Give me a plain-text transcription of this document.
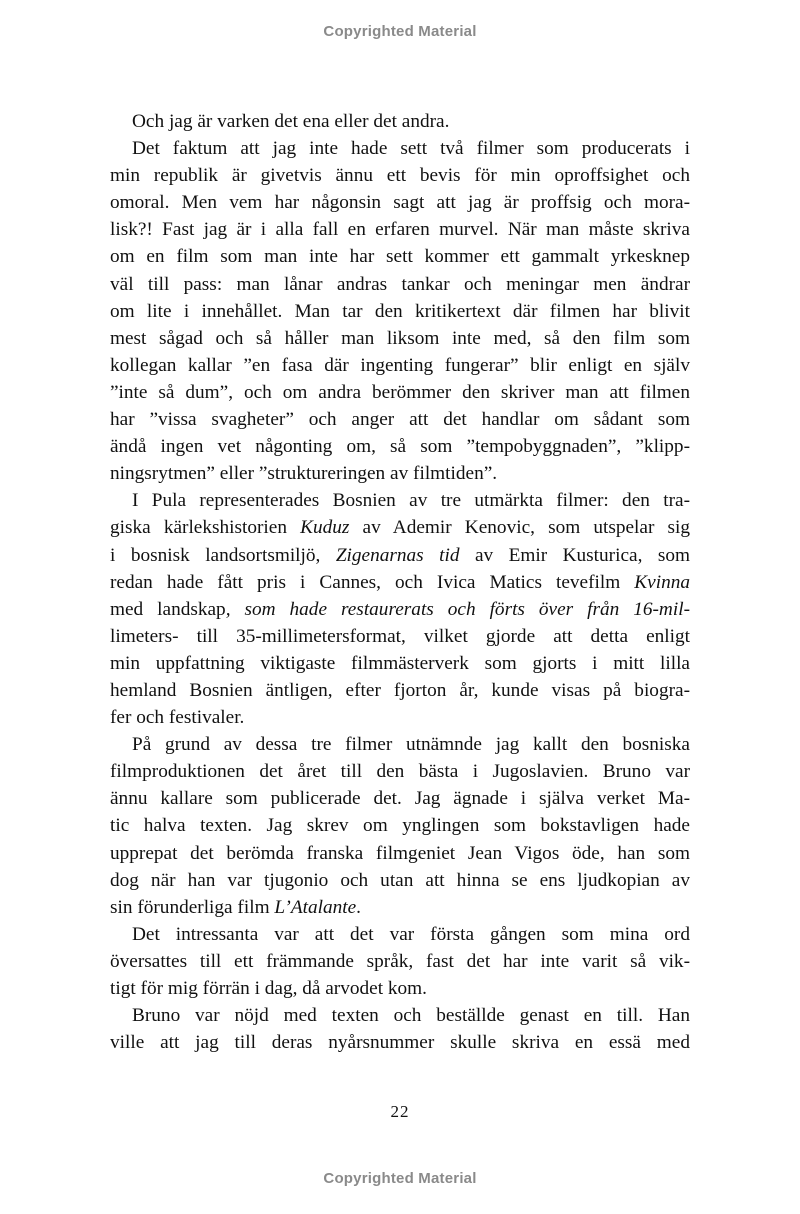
Copyrighted Material

Och jag är varken det ena eller det andra.

Det faktum att jag inte hade sett två filmer som producerats i
min republik är givetvis ännu ett bevis för min oproffsighet och
omoral. Men vem har någonsin sagt att jag är proffsig och mora-
lisk?! Fast jag är i alla fall en erfaren murvel. När man måste skriva
om en film som man inte har sett kommer ett gammalt yrkesknep
väl till pass: man lånar andras tankar och meningar men ändrar
om lite i innehållet. Man tar den kritikertext där filmen har blivit
mest sågad och så håller man liksom inte med, så den film som
kollegan kallar ”en fasa där ingenting fungerar” blir enligt en själv
”inte så dum”, och om andra berömmer den skriver man att filmen
har ”vissa svagheter” och anger att det handlar om sådant som
ändå ingen vet någonting om, så som ”tempobyggnaden”, ”klipp-
ningsrytmen” eller ”struktureringen av filmtiden”.

I Pula representerades Bosnien av tre utmärkta filmer: den tra-
giska kärlekshistorien Kuduz av Ademir Kenovic, som utspelar sig
i bosnisk landsortsmiljö, Zigenarnas tid av Emir Kusturica, som
redan hade fått pris i Cannes, och Ivica Matics tevefilm Kvinna
med landskap, som hade restaurerats och förts över från 16-mil-
limeters- till 35-millimetersformat, vilket gjorde att detta enligt
min uppfattning viktigaste filmmästerverk som gjorts i mitt lilla
hemland Bosnien äntligen, efter fjorton år, kunde visas på biogra-
fer och festivaler.

På grund av dessa tre filmer utnämnde jag kallt den bosniska
filmproduktionen det året till den bästa i Jugoslavien. Bruno var
ännu kallare som publicerade det. Jag ägnade i själva verket Ma-
tic halva texten. Jag skrev om ynglingen som bokstavligen hade
upprepat det berömda franska filmgeniet Jean Vigos öde, han som
dog när han var tjugonio och utan att hinna se ens ljudkopian av
sin förunderliga film L’Atalante.

Det intressanta var att det var första gången som mina ord
översattes till ett främmande språk, fast det har inte varit så vik-
tigt för mig förrän i dag, då arvodet kom.

Bruno var nöjd med texten och beställde genast en till. Han
ville att jag till deras nyårsnummer skulle skriva en essä med

22
Copyrighted Material
